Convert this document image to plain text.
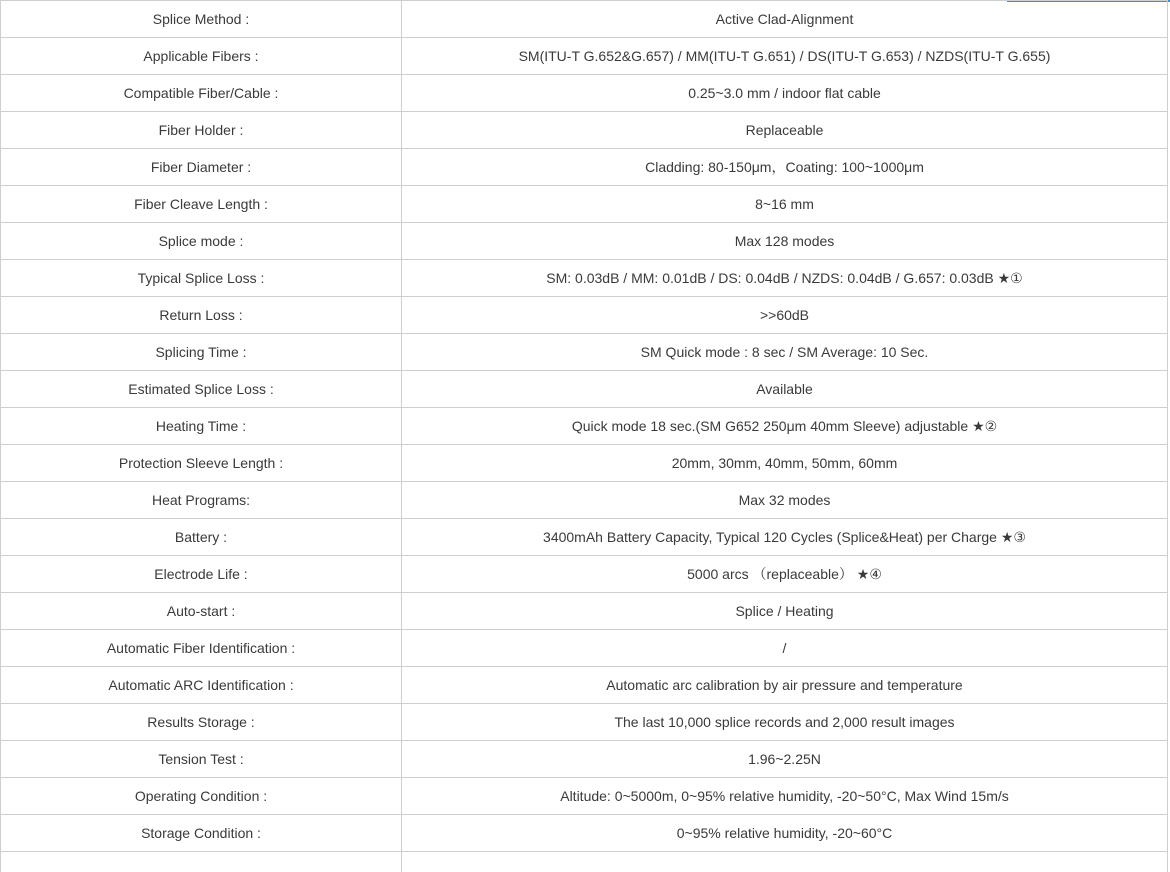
Splice Method :	Active Clad-Alignment
Applicable Fibers :	SM(ITU-T G.652&G.657) / MM(ITU-T G.651) / DS(ITU-T G.653) / NZDS(ITU-T G.655)
Compatible Fiber/Cable :	0.25~3.0 mm / indoor flat cable
Fiber Holder :	Replaceable
Fiber Diameter :	Cladding: 80-150μm，Coating: 100~1000μm
Fiber Cleave Length :	8~16 mm
Splice mode :	Max 128 modes
Typical Splice Loss :	SM: 0.03dB / MM: 0.01dB / DS: 0.04dB / NZDS: 0.04dB / G.657: 0.03dB ★①
Return Loss :	>>60dB
Splicing Time :	SM Quick mode : 8 sec / SM Average: 10 Sec.
Estimated Splice Loss :	Available
Heating Time :	Quick mode 18 sec.(SM G652 250μm 40mm Sleeve) adjustable ★②
Protection Sleeve Length :	20mm, 30mm, 40mm, 50mm, 60mm
Heat Programs:	Max 32 modes
Battery :	3400mAh Battery Capacity, Typical 120 Cycles (Splice&Heat) per Charge ★③
Electrode Life :	5000 arcs （replaceable） ★④
Auto-start :	Splice / Heating
Automatic Fiber Identification :	/
Automatic ARC Identification :	Automatic arc calibration by air pressure and temperature
Results Storage :	The last 10,000 splice records and 2,000 result images
Tension Test :	1.96~2.25N
Operating Condition :	Altitude: 0~5000m, 0~95% relative humidity, -20~50°C, Max Wind 15m/s
Storage Condition :	0~95% relative humidity, -20~60°C
